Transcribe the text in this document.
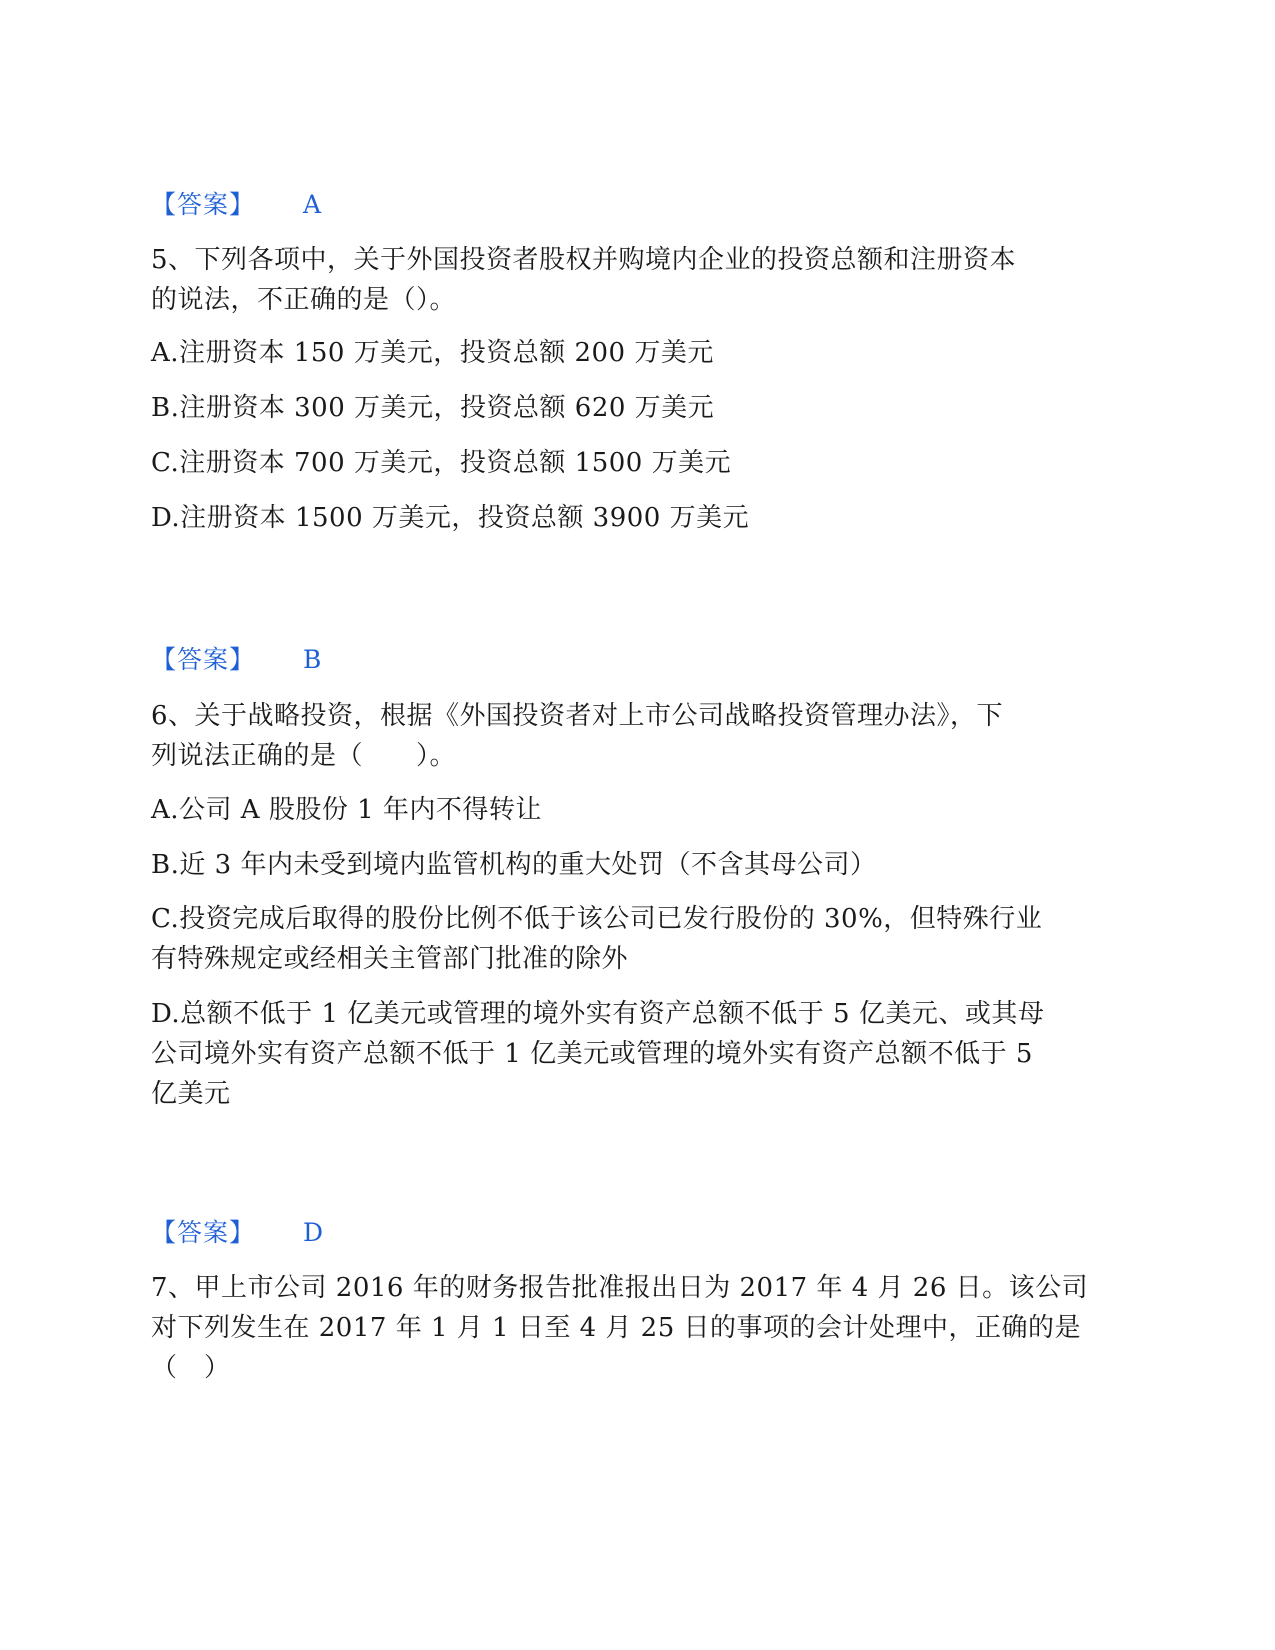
【答案】 A
5、下列各项中，关于外国投资者股权并购境内企业的投资总额和注册资本
的说法，不正确的是（）。
A.注册资本 150 万美元，投资总额 200 万美元
B.注册资本 300 万美元，投资总额 620 万美元
C.注册资本 700 万美元，投资总额 1500 万美元
D.注册资本 1500 万美元，投资总额 3900 万美元
【答案】 B
6、关于战略投资，根据《外国投资者对上市公司战略投资管理办法》，下
列说法正确的是（　　）。
A.公司 A 股股份 1 年内不得转让
B.近 3 年内未受到境内监管机构的重大处罚（不含其母公司）
C.投资完成后取得的股份比例不低于该公司已发行股份的 30%，但特殊行业
有特殊规定或经相关主管部门批准的除外
D.总额不低于 1 亿美元或管理的境外实有资产总额不低于 5 亿美元、或其母
公司境外实有资产总额不低于 1 亿美元或管理的境外实有资产总额不低于 5
亿美元
【答案】 D
7、甲上市公司 2016 年的财务报告批准报出日为 2017 年 4 月 26 日。该公司
对下列发生在 2017 年 1 月 1 日至 4 月 25 日的事项的会计处理中，正确的是
（　）
